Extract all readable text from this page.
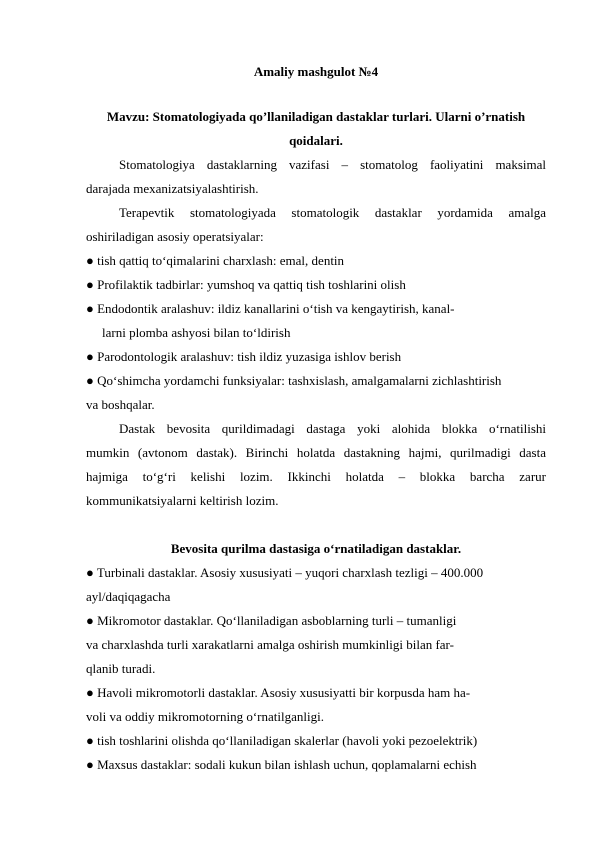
Amaliy mashgulot №4
Mavzu: Stomatologiyada qo’llaniladigan dastaklar turlari. Ularni o’rnatish
qoidalari.
Stomatologiya dastaklarning vazifasi – stomatolog faoliyatini maksimal
darajada mexanizatsiyalashtirish.
Terapevtik stomatologiyada stomatologik dastaklar yordamida amalga
oshiriladigan asosiy operatsiyalar:
● tish qattiq to‘qimalarini charxlash: emal, dentin
● Profilaktik tadbirlar: yumshoq va qattiq tish toshlarini olish
● Endodontik aralashuv: ildiz kanallarini o‘tish va kengaytirish, kanal-
larni plomba ashyosi bilan to‘ldirish
● Parodontologik aralashuv: tish ildiz yuzasiga ishlov berish
● Qo‘shimcha yordamchi funksiyalar: tashxislash, amalgamalarni zichlashtirish
va boshqalar.
Dastak bevosita qurildimadagi dastaga yoki alohida blokka o‘rnatilishi
mumkin (avtonom dastak). Birinchi holatda dastakning hajmi, qurilmadigi dasta
hajmiga to‘g‘ri kelishi lozim. Ikkinchi holatda – blokka barcha zarur
kommunikatsiyalarni keltirish lozim.
Bevosita qurilma dastasiga o‘rnatiladigan dastaklar.
● Turbinali dastaklar. Asosiy xususiyati – yuqori charxlash tezligi – 400.000
ayl/daqiqagacha
● Mikromotor dastaklar. Qo‘llaniladigan asboblarning turli – tumanligi
va charxlashda turli xarakatlarni amalga oshirish mumkinligi bilan far-
qlanib turadi.
● Havoli mikromotorli dastaklar. Asosiy xususiyatti bir korpusda ham ha-
voli va oddiy mikromotorning o‘rnatilganligi.
● tish toshlarini olishda qo‘llaniladigan skalerlar (havoli yoki pezoelektrik)
● Maxsus dastaklar: sodali kukun bilan ishlash uchun, qoplamalarni echish
